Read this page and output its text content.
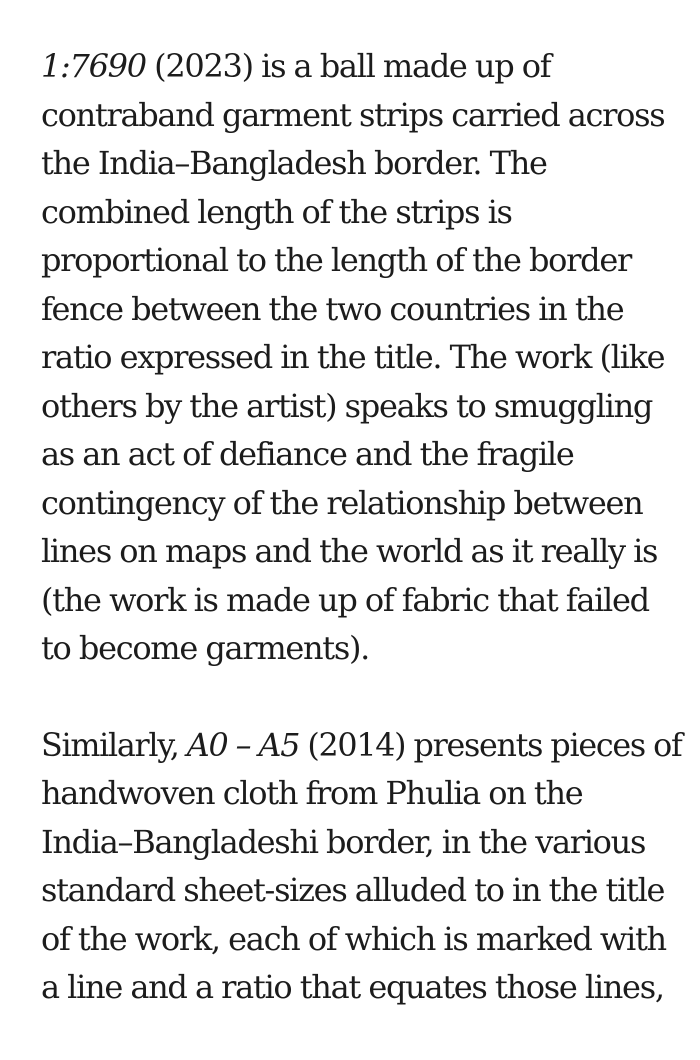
1:7690 (2023) is a ball made up of
contraband garment strips carried across
the India–Bangladesh border. The
combined length of the strips is
proportional to the length of the border
fence between the two countries in the
ratio expressed in the title. The work (like
others by the artist) speaks to smuggling
as an act of defiance and the fragile
contingency of the relationship between
lines on maps and the world as it really is
(the work is made up of fabric that failed
to become garments).

Similarly, A0 – A5 (2014) presents pieces of
handwoven cloth from Phulia on the
India–Bangladeshi border, in the various
standard sheet-sizes alluded to in the title
of the work, each of which is marked with
a line and a ratio that equates those lines,
